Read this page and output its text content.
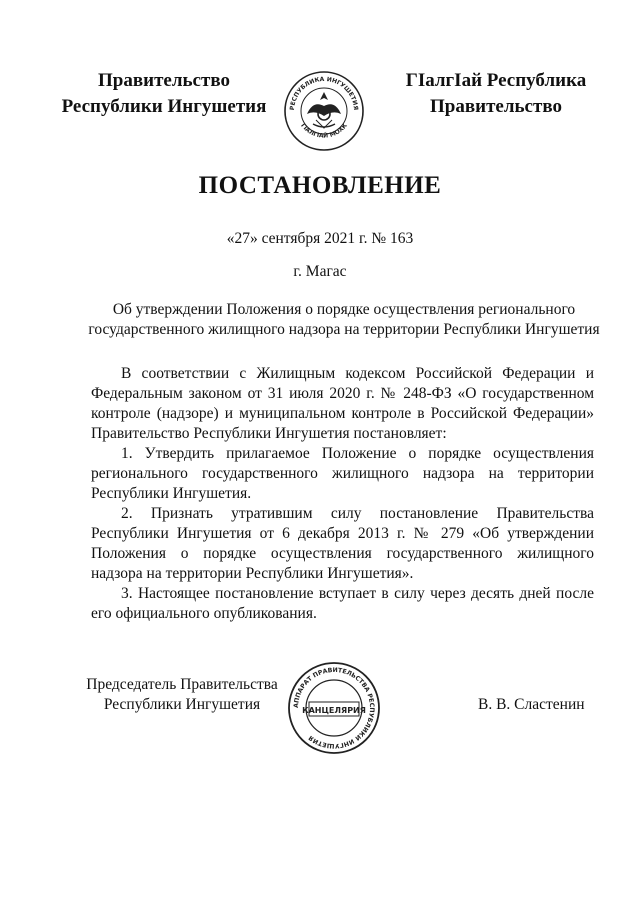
Правительство
Республики Ингушетия	РЕСПУБЛИКА ИНГУШЕТИЯ
ГIАЛГIАЙ МОХК
ГIалгIай Республика
Правительство
ПОСТАНОВЛЕНИЕ
«27» сентября 2021 г. № 163
г. Магас
Об утверждении Положения о порядке осуществления регионального
государственного жилищного надзора на территории Республики Ингушетия

В соответствии с Жилищным кодексом Российской Федерации и Федеральным законом от 31 июля 2020 г. № 248-ФЗ «О государственном контроле (надзоре) и муниципальном контроле в Российской Федерации» Правительство Республики Ингушетия постановляет:

1. Утвердить прилагаемое Положение о порядке осуществления регионального государственного жилищного надзора на территории Республики Ингушетия.

2. Признать утратившим силу постановление Правительства Республики Ингушетия от 6 декабря 2013 г. № 279 «Об утверждении Положения о порядке осуществления государственного жилищного надзора на территории Республики Ингушетия».

3. Настоящее постановление вступает в силу через десять дней после его официального опубликования.

Председатель Правительства
Республики Ингушетия	АППАРАТ ПРАВИТЕЛЬСТВА РЕСПУБЛИКИ ИНГУШЕТИЯ
КАНЦЕЛЯРИЯ	В. В. Сластенин
